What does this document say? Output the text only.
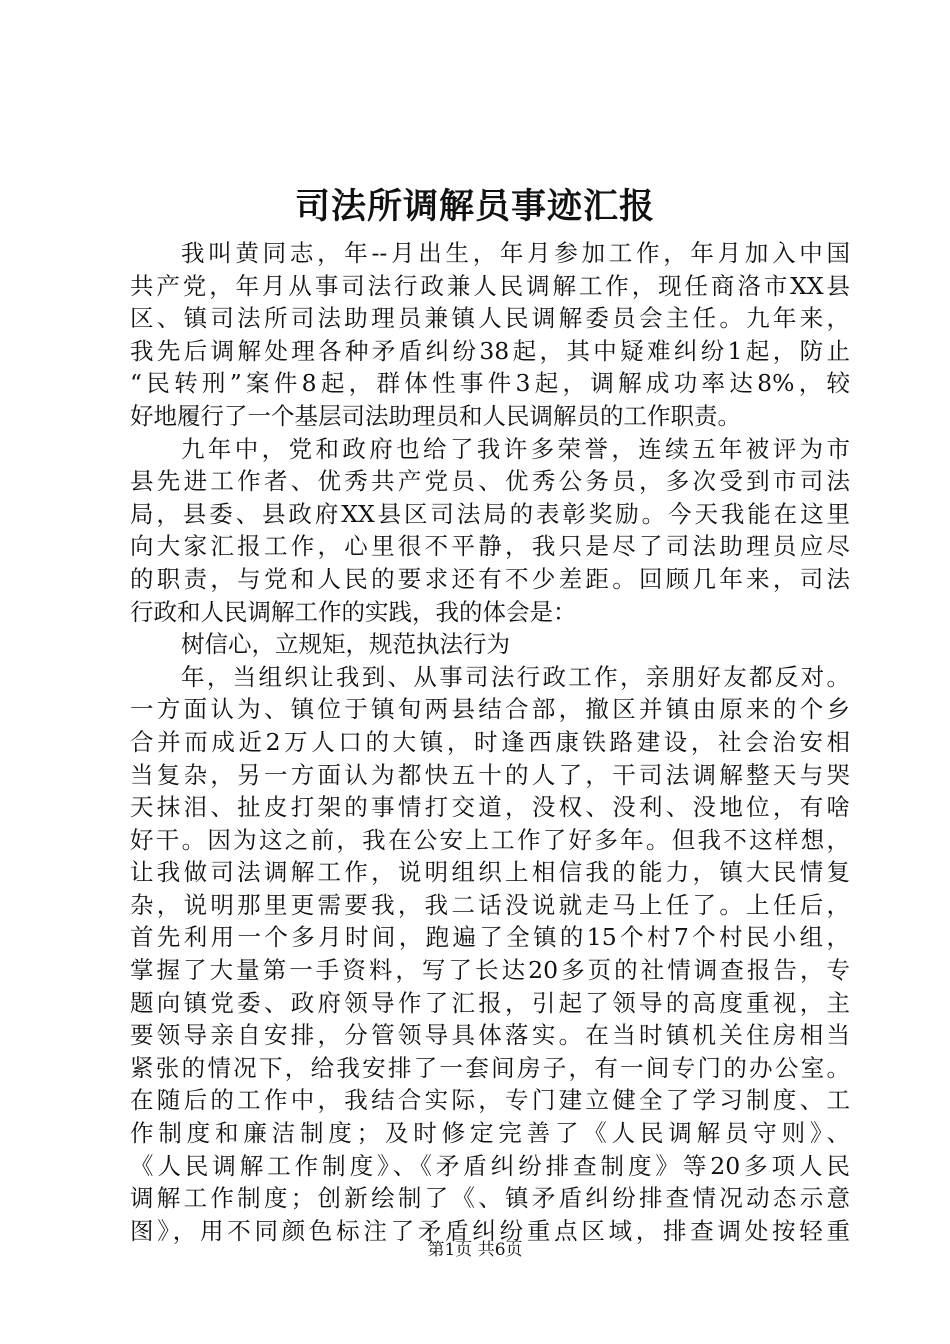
司法所调解员事迹汇报
我叫黄同志，年--月出生，年月参加工作，年月加入中国
共产党，年月从事司法行政兼人民调解工作，现任商洛市XX县
区、镇司法所司法助理员兼镇人民调解委员会主任。九年来，
我先后调解处理各种矛盾纠纷38起，其中疑难纠纷1起，防止
“民转刑”案件8起，群体性事件3起，调解成功率达8%，较
好地履行了一个基层司法助理员和人民调解员的工作职责。
九年中，党和政府也给了我许多荣誉，连续五年被评为市
县先进工作者、优秀共产党员、优秀公务员，多次受到市司法
局，县委、县政府XX县区司法局的表彰奖励。今天我能在这里
向大家汇报工作，心里很不平静，我只是尽了司法助理员应尽
的职责，与党和人民的要求还有不少差距。回顾几年来，司法
行政和人民调解工作的实践，我的体会是：
树信心，立规矩，规范执法行为
年，当组织让我到、从事司法行政工作，亲朋好友都反对。
一方面认为、镇位于镇旬两县结合部，撤区并镇由原来的个乡
合并而成近2万人口的大镇，时逢西康铁路建设，社会治安相
当复杂，另一方面认为都快五十的人了，干司法调解整天与哭
天抹泪、扯皮打架的事情打交道，没权、没利、没地位，有啥
好干。因为这之前，我在公安上工作了好多年。但我不这样想，
让我做司法调解工作，说明组织上相信我的能力，镇大民情复
杂，说明那里更需要我，我二话没说就走马上任了。上任后，
首先利用一个多月时间，跑遍了全镇的15个村7个村民小组，
掌握了大量第一手资料，写了长达20多页的社情调查报告，专
题向镇党委、政府领导作了汇报，引起了领导的高度重视，主
要领导亲自安排，分管领导具体落实。在当时镇机关住房相当
紧张的情况下，给我安排了一套间房子，有一间专门的办公室。
在随后的工作中，我结合实际，专门建立健全了学习制度、工
作制度和廉洁制度；及时修定完善了《人民调解员守则》、
《人民调解工作制度》、《矛盾纠纷排查制度》等20多项人民
调解工作制度；创新绘制了《、镇矛盾纠纷排查情况动态示意
图》，用不同颜色标注了矛盾纠纷重点区域，排查调处按轻重
第1页 共6页
